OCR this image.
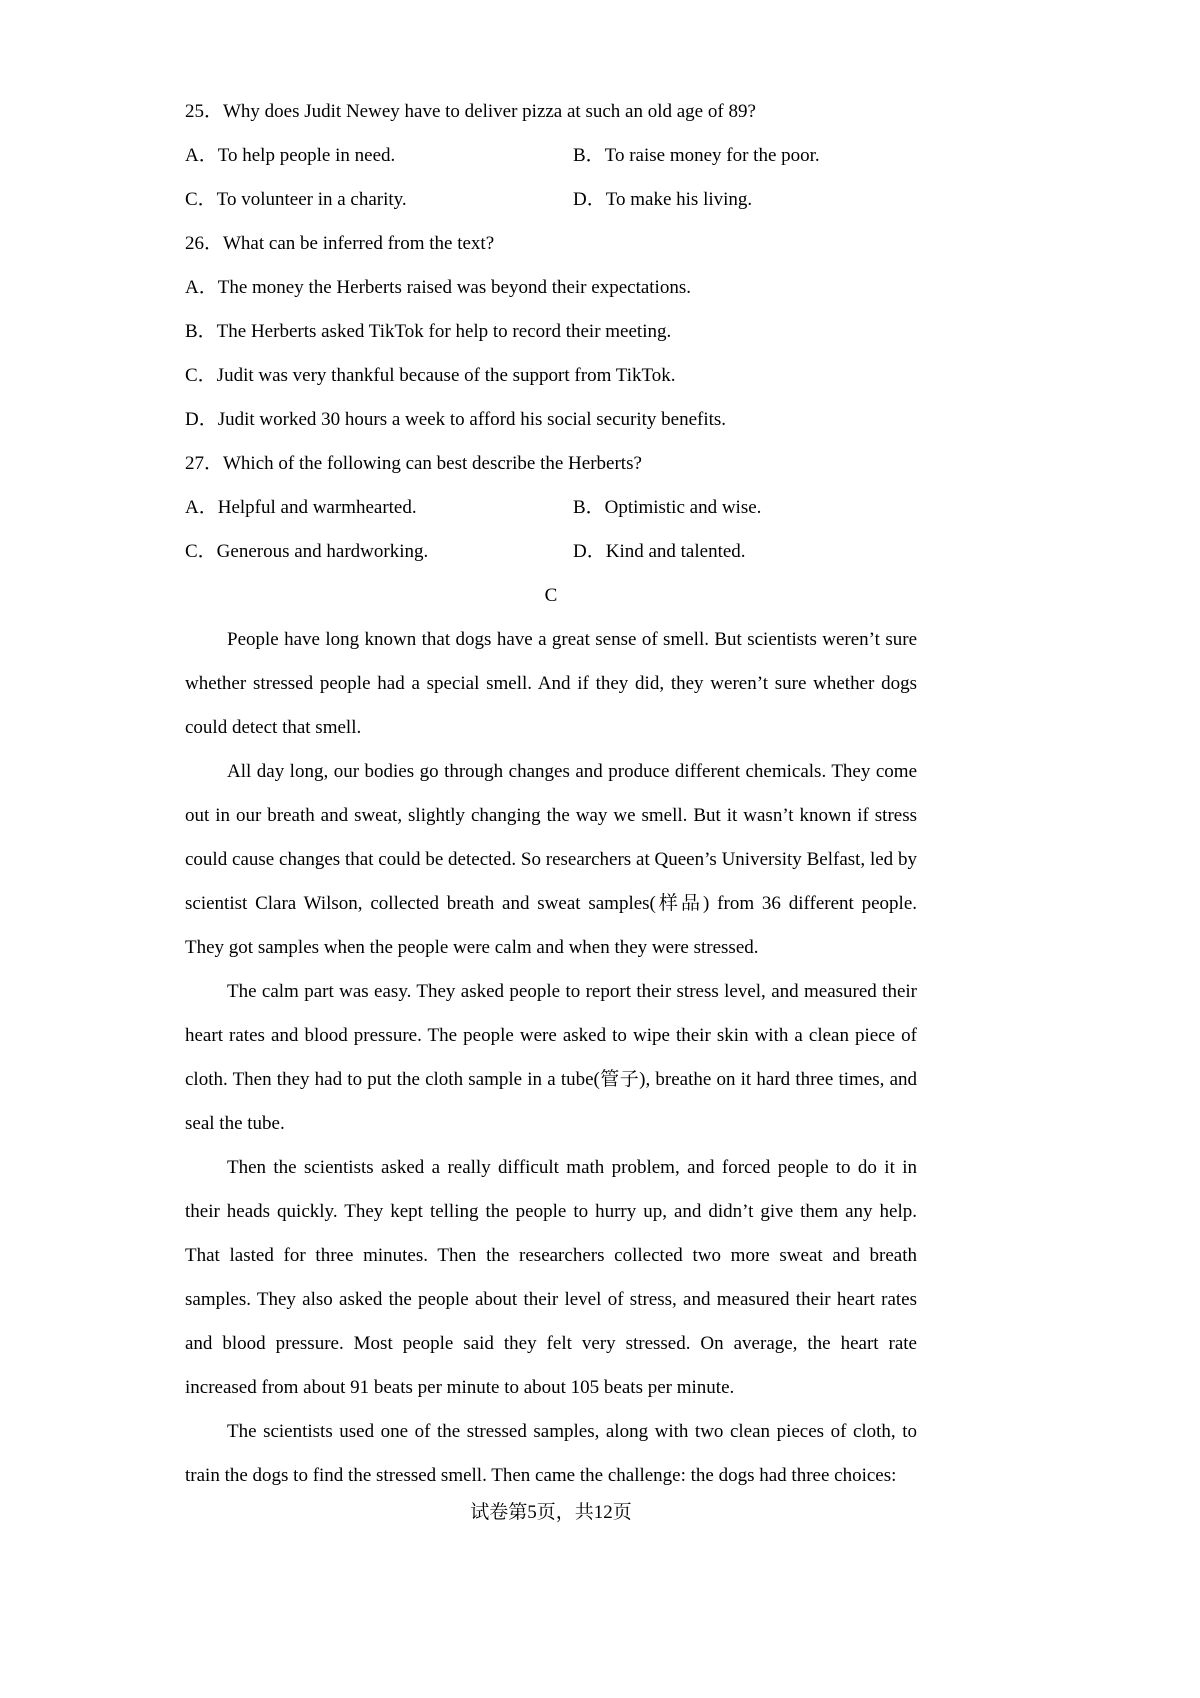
25．Why does Judit Newey have to deliver pizza at such an old age of 89?
A．To help people in need.	B．To raise money for the poor.
C．To volunteer in a charity.	D．To make his living.
26．What can be inferred from the text?
A．The money the Herberts raised was beyond their expectations.
B．The Herberts asked TikTok for help to record their meeting.
C．Judit was very thankful because of the support from TikTok.
D．Judit worked 30 hours a week to afford his social security benefits.
27．Which of the following can best describe the Herberts?
A．Helpful and warmhearted.	B．Optimistic and wise.
C．Generous and hardworking.	D．Kind and talented.
C

People have long known that dogs have a great sense of smell. But scientists weren’t sure whether stressed people had a special smell. And if they did, they weren’t sure whether dogs could detect that smell.

All day long, our bodies go through changes and produce different chemicals. They come out in our breath and sweat, slightly changing the way we smell. But it wasn’t known if stress could cause changes that could be detected. So researchers at Queen’s University Belfast, led by scientist Clara Wilson, collected breath and sweat samples(样品) from 36 different people. They got samples when the people were calm and when they were stressed.

The calm part was easy. They asked people to report their stress level, and measured their heart rates and blood pressure. The people were asked to wipe their skin with a clean piece of cloth. Then they had to put the cloth sample in a tube(管子), breathe on it hard three times, and seal the tube.

Then the scientists asked a really difficult math problem, and forced people to do it in their heads quickly. They kept telling the people to hurry up, and didn’t give them any help. That lasted for three minutes. Then the researchers collected two more sweat and breath samples. They also asked the people about their level of stress, and measured their heart rates and blood pressure. Most people said they felt very stressed. On average, the heart rate increased from about 91 beats per minute to about 105 beats per minute.

The scientists used one of the stressed samples, along with two clean pieces of cloth, to train the dogs to find the stressed smell. Then came the challenge: the dogs had three choices:

试卷第5页，共12页
